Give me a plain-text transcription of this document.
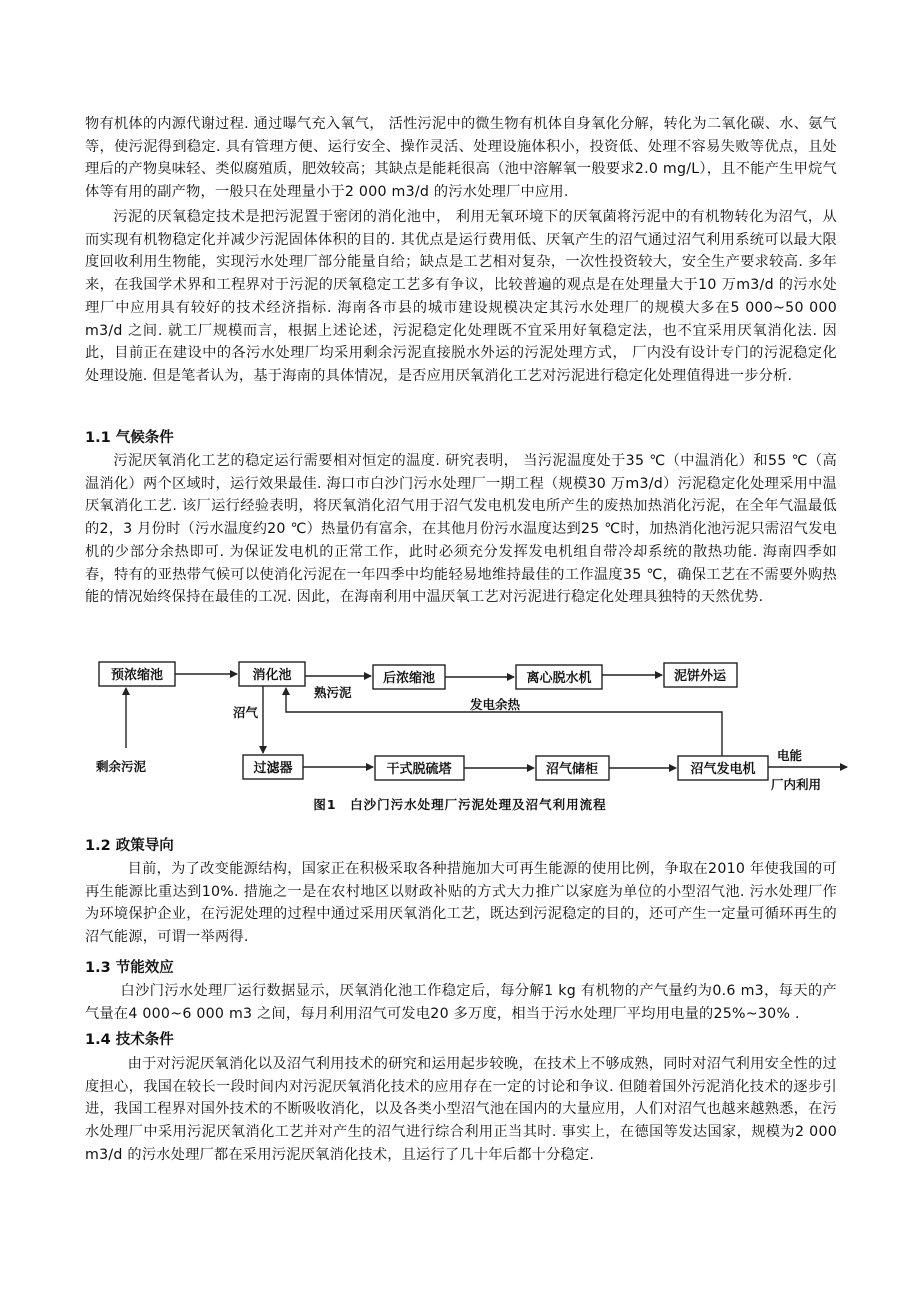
物有机体的内源代谢过程. 通过曝气充入氧气， 活性污泥中的微生物有机体自身氧化分解，转化为二氧化碳、水、氨气等，使污泥得到稳定. 具有管理方便、运行安全、操作灵活、处理设施体积小，投资低、处理不容易失败等优点，且处理后的产物臭味轻、类似腐殖质，肥效较高；其缺点是能耗很高（池中溶解氧一般要求2.0 mg/L），且不能产生甲烷气体等有用的副产物，一般只在处理量小于2 000 m3/d 的污水处理厂中应用.

污泥的厌氧稳定技术是把污泥置于密闭的消化池中， 利用无氧环境下的厌氧菌将污泥中的有机物转化为沼气，从而实现有机物稳定化并减少污泥固体体积的目的. 其优点是运行费用低、厌氧产生的沼气通过沼气利用系统可以最大限度回收利用生物能，实现污水处理厂部分能量自给；缺点是工艺相对复杂，一次性投资较大，安全生产要求较高. 多年来，在我国学术界和工程界对于污泥的厌氧稳定工艺多有争议，比较普遍的观点是在处理量大于10 万m3/d 的污水处理厂中应用具有较好的技术经济指标. 海南各市县的城市建设规模决定其污水处理厂的规模大多在5 000~50 000 m3/d 之间. 就工厂规模而言，根据上述论述，污泥稳定化处理既不宜采用好氧稳定法，也不宜采用厌氧消化法. 因此，目前正在建设中的各污水处理厂均采用剩余污泥直接脱水外运的污泥处理方式， 厂内没有设计专门的污泥稳定化处理设施. 但是笔者认为，基于海南的具体情况，是否应用厌氧消化工艺对污泥进行稳定化处理值得进一步分析.

1.1 气候条件

污泥厌氧消化工艺的稳定运行需要相对恒定的温度. 研究表明， 当污泥温度处于35 ℃（中温消化）和55 ℃（高温消化）两个区域时，运行效果最佳. 海口市白沙门污水处理厂一期工程（规模30 万m3/d）污泥稳定化处理采用中温厌氧消化工艺. 该厂运行经验表明，将厌氧消化沼气用于沼气发电机发电所产生的废热加热消化污泥，在全年气温最低的2，3 月份时（污水温度约20 ℃）热量仍有富余，在其他月份污水温度达到25 ℃时，加热消化池污泥只需沼气发电机的少部分余热即可. 为保证发电机的正常工作，此时必须充分发挥发电机组自带冷却系统的散热功能. 海南四季如春，特有的亚热带气候可以使消化污泥在一年四季中均能轻易地维持最佳的工作温度35 ℃，确保工艺在不需要外购热能的情况始终保持在最佳的工况. 因此，在海南利用中温厌氧工艺对污泥进行稳定化处理具独特的天然优势.

预浓缩池	消化池	后浓缩池	离心脱水机	泥饼外运
过滤器	干式脱硫塔	沼气储柜	沼气发电机
熟污泥
沼气
发电余热
剩余污泥
电能
厂内利用
图1　白沙门污水处理厂污泥处理及沼气利用流程
1.2 政策导向

目前，为了改变能源结构，国家正在积极采取各种措施加大可再生能源的使用比例，争取在2010 年使我国的可再生能源比重达到10%. 措施之一是在农村地区以财政补贴的方式大力推广以家庭为单位的小型沼气池. 污水处理厂作为环境保护企业，在污泥处理的过程中通过采用厌氧消化工艺，既达到污泥稳定的目的，还可产生一定量可循环再生的沼气能源，可谓一举两得.

1.3 节能效应

白沙门污水处理厂运行数据显示，厌氧消化池工作稳定后，每分解1 kg 有机物的产气量约为0.6 m3，每天的产气量在4 000~6 000 m3 之间，每月利用沼气可发电20 多万度，相当于污水处理厂平均用电量的25%~30% .

1.4 技术条件

由于对污泥厌氧消化以及沼气利用技术的研究和运用起步较晚，在技术上不够成熟，同时对沼气利用安全性的过度担心，我国在较长一段时间内对污泥厌氧消化技术的应用存在一定的讨论和争议. 但随着国外污泥消化技术的逐步引进，我国工程界对国外技术的不断吸收消化，以及各类小型沼气池在国内的大量应用，人们对沼气也越来越熟悉，在污水处理厂中采用污泥厌氧消化工艺并对产生的沼气进行综合利用正当其时. 事实上，在德国等发达国家，规模为2 000 m3/d 的污水处理厂都在采用污泥厌氧消化技术，且运行了几十年后都十分稳定.
